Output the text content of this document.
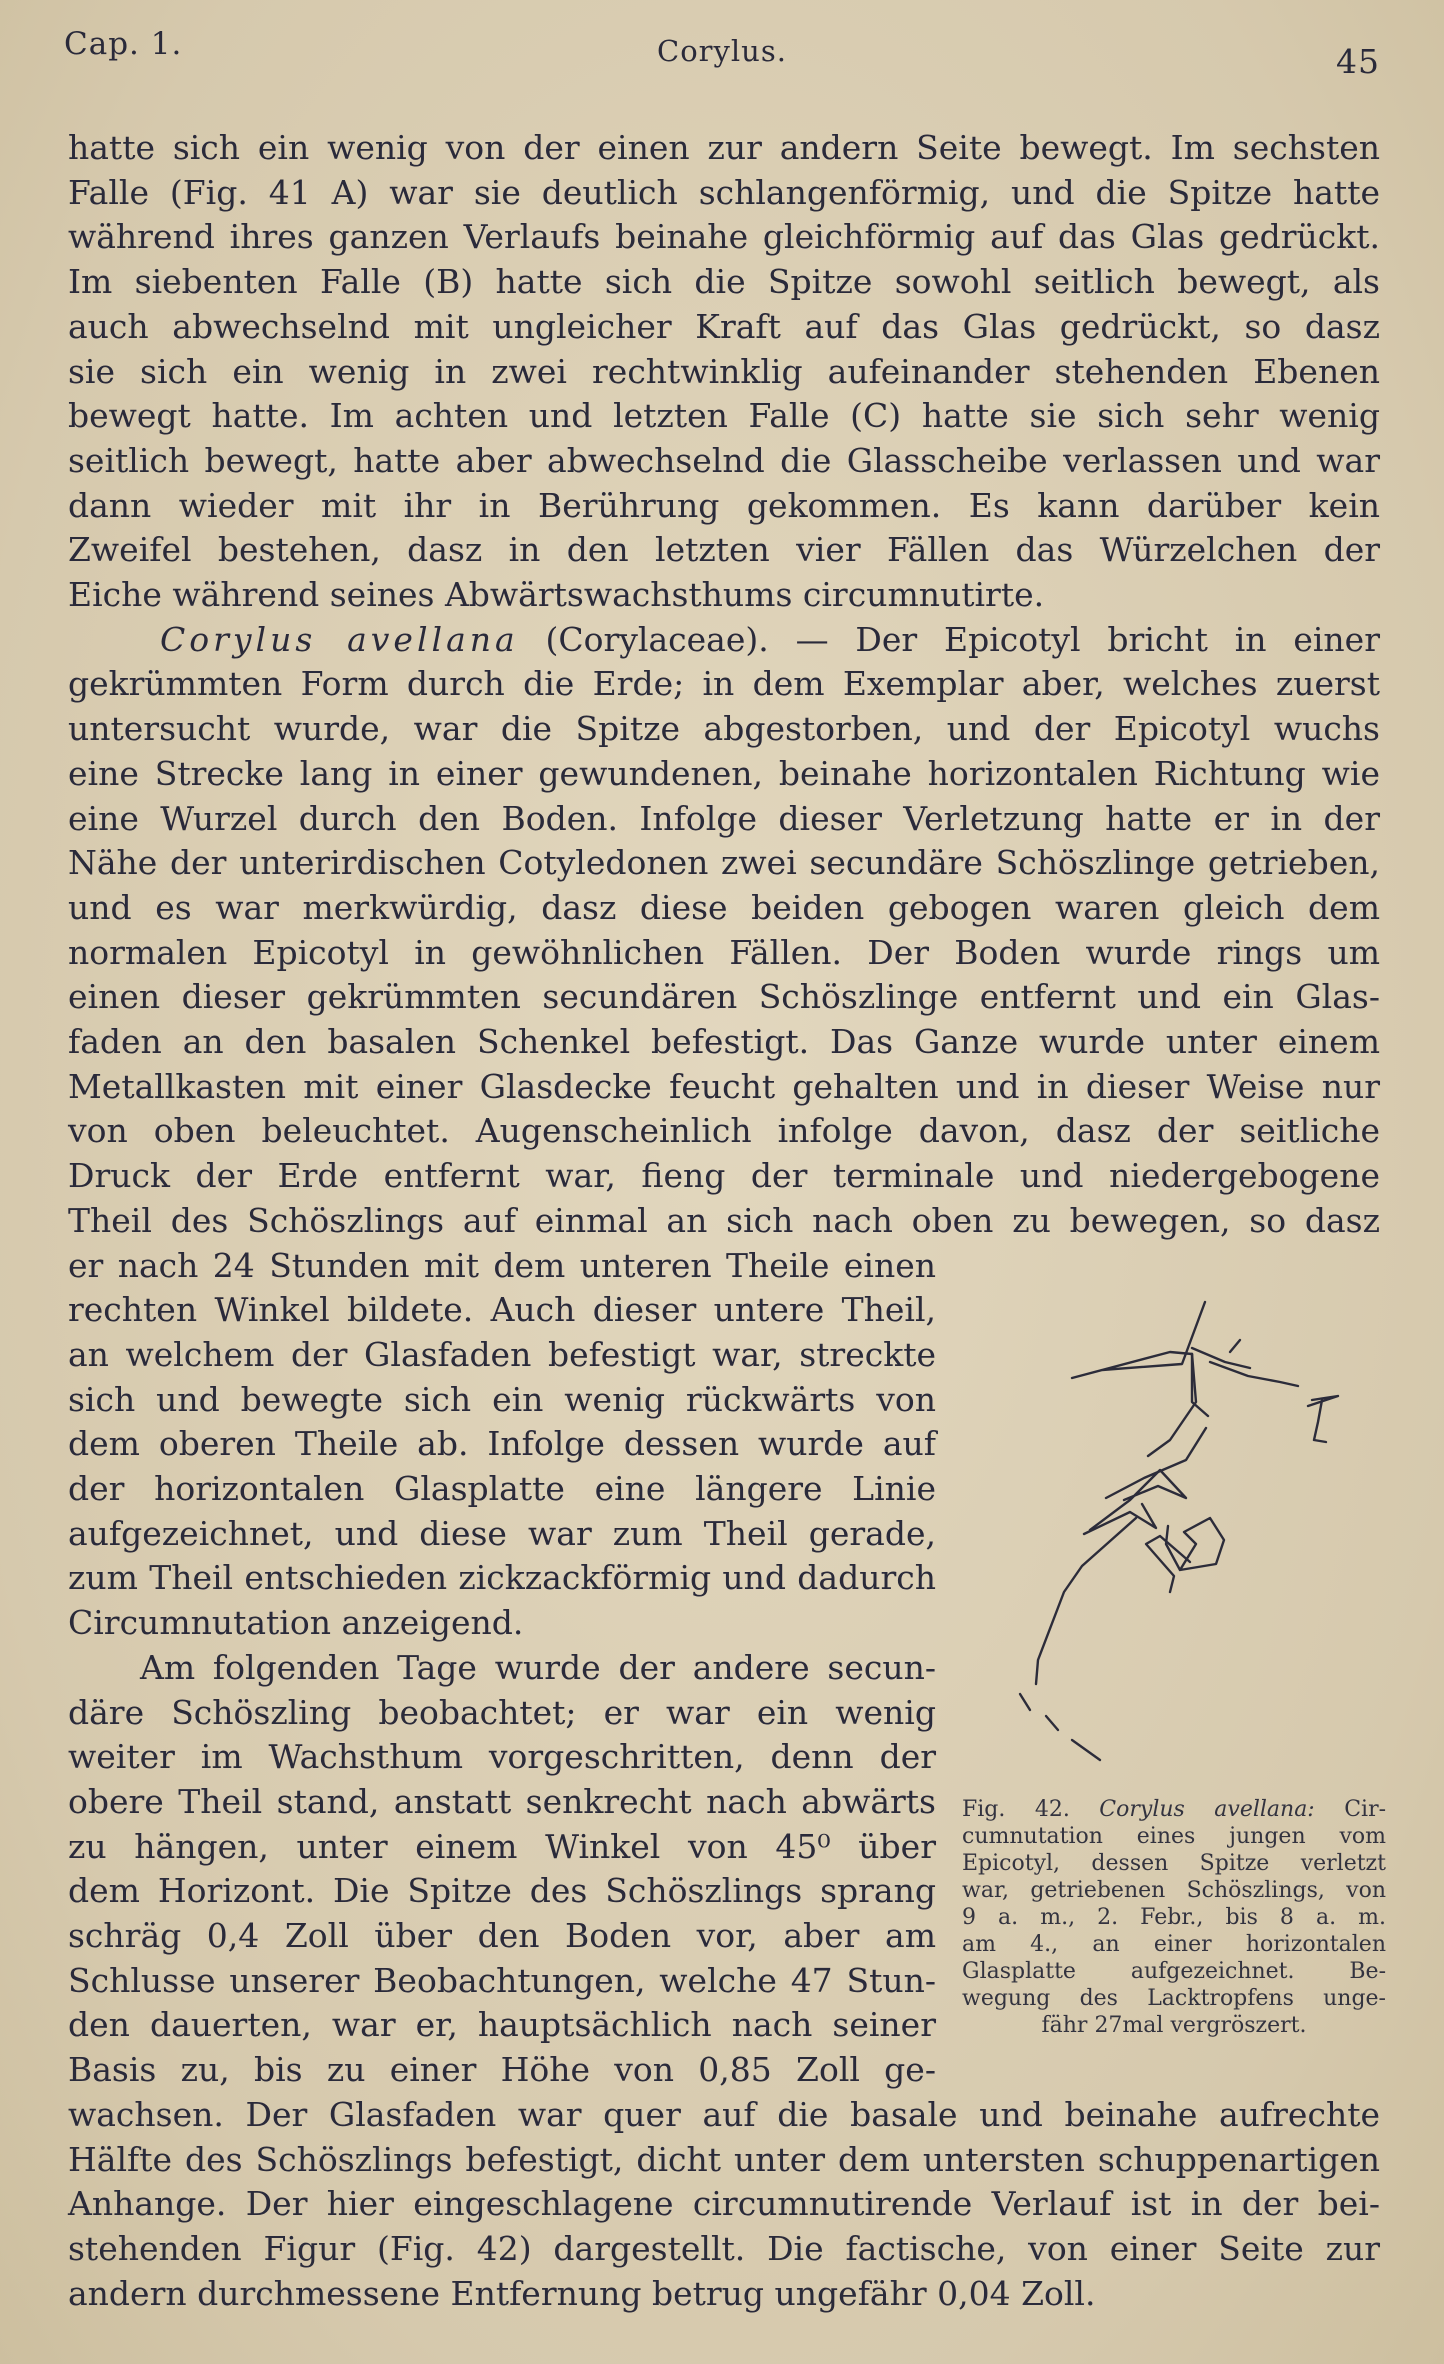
Cap. 1.	Corylus.	45
hatte sich ein wenig von der einen zur andern Seite bewegt. Im sechsten
Falle (Fig. 41 A) war sie deutlich schlangenförmig, und die Spitze hatte
während ihres ganzen Verlaufs beinahe gleichförmig auf das Glas gedrückt.
Im siebenten Falle (B) hatte sich die Spitze sowohl seitlich bewegt, als
auch abwechselnd mit ungleicher Kraft auf das Glas gedrückt, so dasz
sie sich ein wenig in zwei rechtwinklig aufeinander stehenden Ebenen
bewegt hatte. Im achten und letzten Falle (C) hatte sie sich sehr wenig
seitlich bewegt, hatte aber abwechselnd die Glasscheibe verlassen und war
dann wieder mit ihr in Berührung gekommen. Es kann darüber kein
Zweifel bestehen, dasz in den letzten vier Fällen das Würzelchen der
Eiche während seines Abwärtswachsthums circumnutirte.
Corylus avellana (Corylaceae). — Der Epicotyl bricht in einer
gekrümmten Form durch die Erde; in dem Exemplar aber, welches zuerst
untersucht wurde, war die Spitze abgestorben, und der Epicotyl wuchs
eine Strecke lang in einer gewundenen, beinahe horizontalen Richtung wie
eine Wurzel durch den Boden. Infolge dieser Verletzung hatte er in der
Nähe der unterirdischen Cotyledonen zwei secundäre Schöszlinge getrieben,
und es war merkwürdig, dasz diese beiden gebogen waren gleich dem
normalen Epicotyl in gewöhnlichen Fällen. Der Boden wurde rings um
einen dieser gekrümmten secundären Schöszlinge entfernt und ein Glas-
faden an den basalen Schenkel befestigt. Das Ganze wurde unter einem
Metallkasten mit einer Glasdecke feucht gehalten und in dieser Weise nur
von oben beleuchtet. Augenscheinlich infolge davon, dasz der seitliche
Druck der Erde entfernt war, fieng der terminale und niedergebogene
Theil des Schöszlings auf einmal an sich nach oben zu bewegen, so dasz
er nach 24 Stunden mit dem unteren Theile einen
rechten Winkel bildete. Auch dieser untere Theil,
an welchem der Glasfaden befestigt war, streckte
sich und bewegte sich ein wenig rückwärts von
dem oberen Theile ab. Infolge dessen wurde auf
der horizontalen Glasplatte eine längere Linie
aufgezeichnet, und diese war zum Theil gerade,
zum Theil entschieden zickzackförmig und dadurch
Circumnutation anzeigend.
Am folgenden Tage wurde der andere secun-
däre Schöszling beobachtet; er war ein wenig
weiter im Wachsthum vorgeschritten, denn der
obere Theil stand, anstatt senkrecht nach abwärts
zu hängen, unter einem Winkel von 45⁰ über
dem Horizont. Die Spitze des Schöszlings sprang
schräg 0,4 Zoll über den Boden vor, aber am
Schlusse unserer Beobachtungen, welche 47 Stun-
den dauerten, war er, hauptsächlich nach seiner
Basis zu, bis zu einer Höhe von 0,85 Zoll ge-
wachsen. Der Glasfaden war quer auf die basale und beinahe aufrechte
Hälfte des Schöszlings befestigt, dicht unter dem untersten schuppenartigen
Anhange. Der hier eingeschlagene circumnutirende Verlauf ist in der bei-
stehenden Figur (Fig. 42) dargestellt. Die factische, von einer Seite zur
andern durchmessene Entfernung betrug ungefähr 0,04 Zoll.
Fig. 42. Corylus avellana: Cir-
cumnutation eines jungen vom
Epicotyl, dessen Spitze verletzt
war, getriebenen Schöszlings, von
9 a. m., 2. Febr., bis 8 a. m.
am 4., an einer horizontalen
Glasplatte aufgezeichnet. Be-
wegung des Lacktropfens unge-
fähr 27mal vergröszert.
